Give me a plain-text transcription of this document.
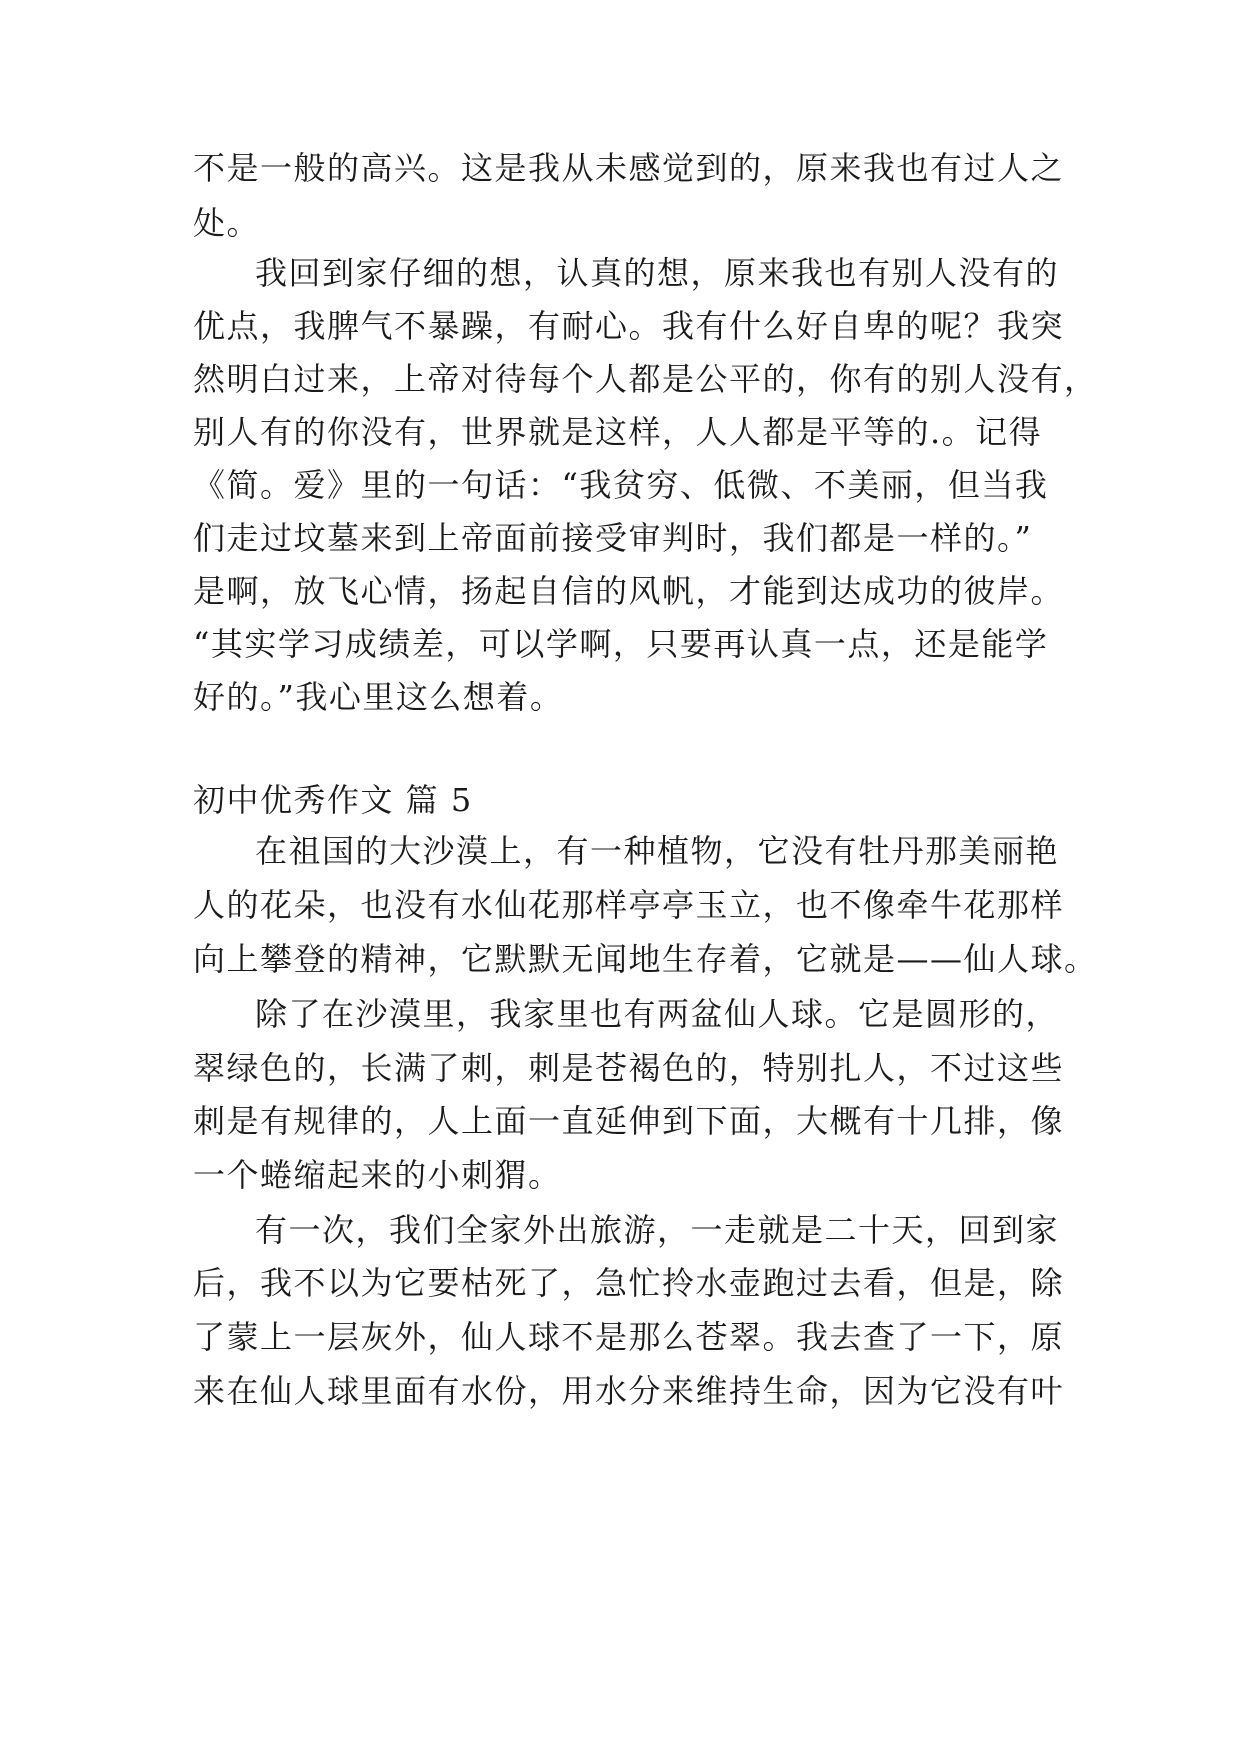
不是一般的高兴。这是我从未感觉到的，原来我也有过人之
处。
我回到家仔细的想，认真的想，原来我也有别人没有的
优点，我脾气不暴躁，有耐心。我有什么好自卑的呢？我突
然明白过来，上帝对待每个人都是公平的，你有的别人没有，
别人有的你没有，世界就是这样，人人都是平等的.。记得
《简。爱》里的一句话：“我贫穷、低微、不美丽，但当我
们走过坟墓来到上帝面前接受审判时，我们都是一样的。”
是啊，放飞心情，扬起自信的风帆，才能到达成功的彼岸。
“其实学习成绩差，可以学啊，只要再认真一点，还是能学
好的。”我心里这么想着。
初中优秀作文 篇 5
在祖国的大沙漠上，有一种植物，它没有牡丹那美丽艳
人的花朵，也没有水仙花那样亭亭玉立，也不像牵牛花那样
向上攀登的精神，它默默无闻地生存着，它就是——仙人球。
除了在沙漠里，我家里也有两盆仙人球。它是圆形的，
翠绿色的，长满了刺，刺是苍褐色的，特别扎人，不过这些
刺是有规律的，人上面一直延伸到下面，大概有十几排，像
一个蜷缩起来的小刺猬。
有一次，我们全家外出旅游，一走就是二十天，回到家
后，我不以为它要枯死了，急忙拎水壶跑过去看，但是，除
了蒙上一层灰外，仙人球不是那么苍翠。我去查了一下，原
来在仙人球里面有水份，用水分来维持生命，因为它没有叶
